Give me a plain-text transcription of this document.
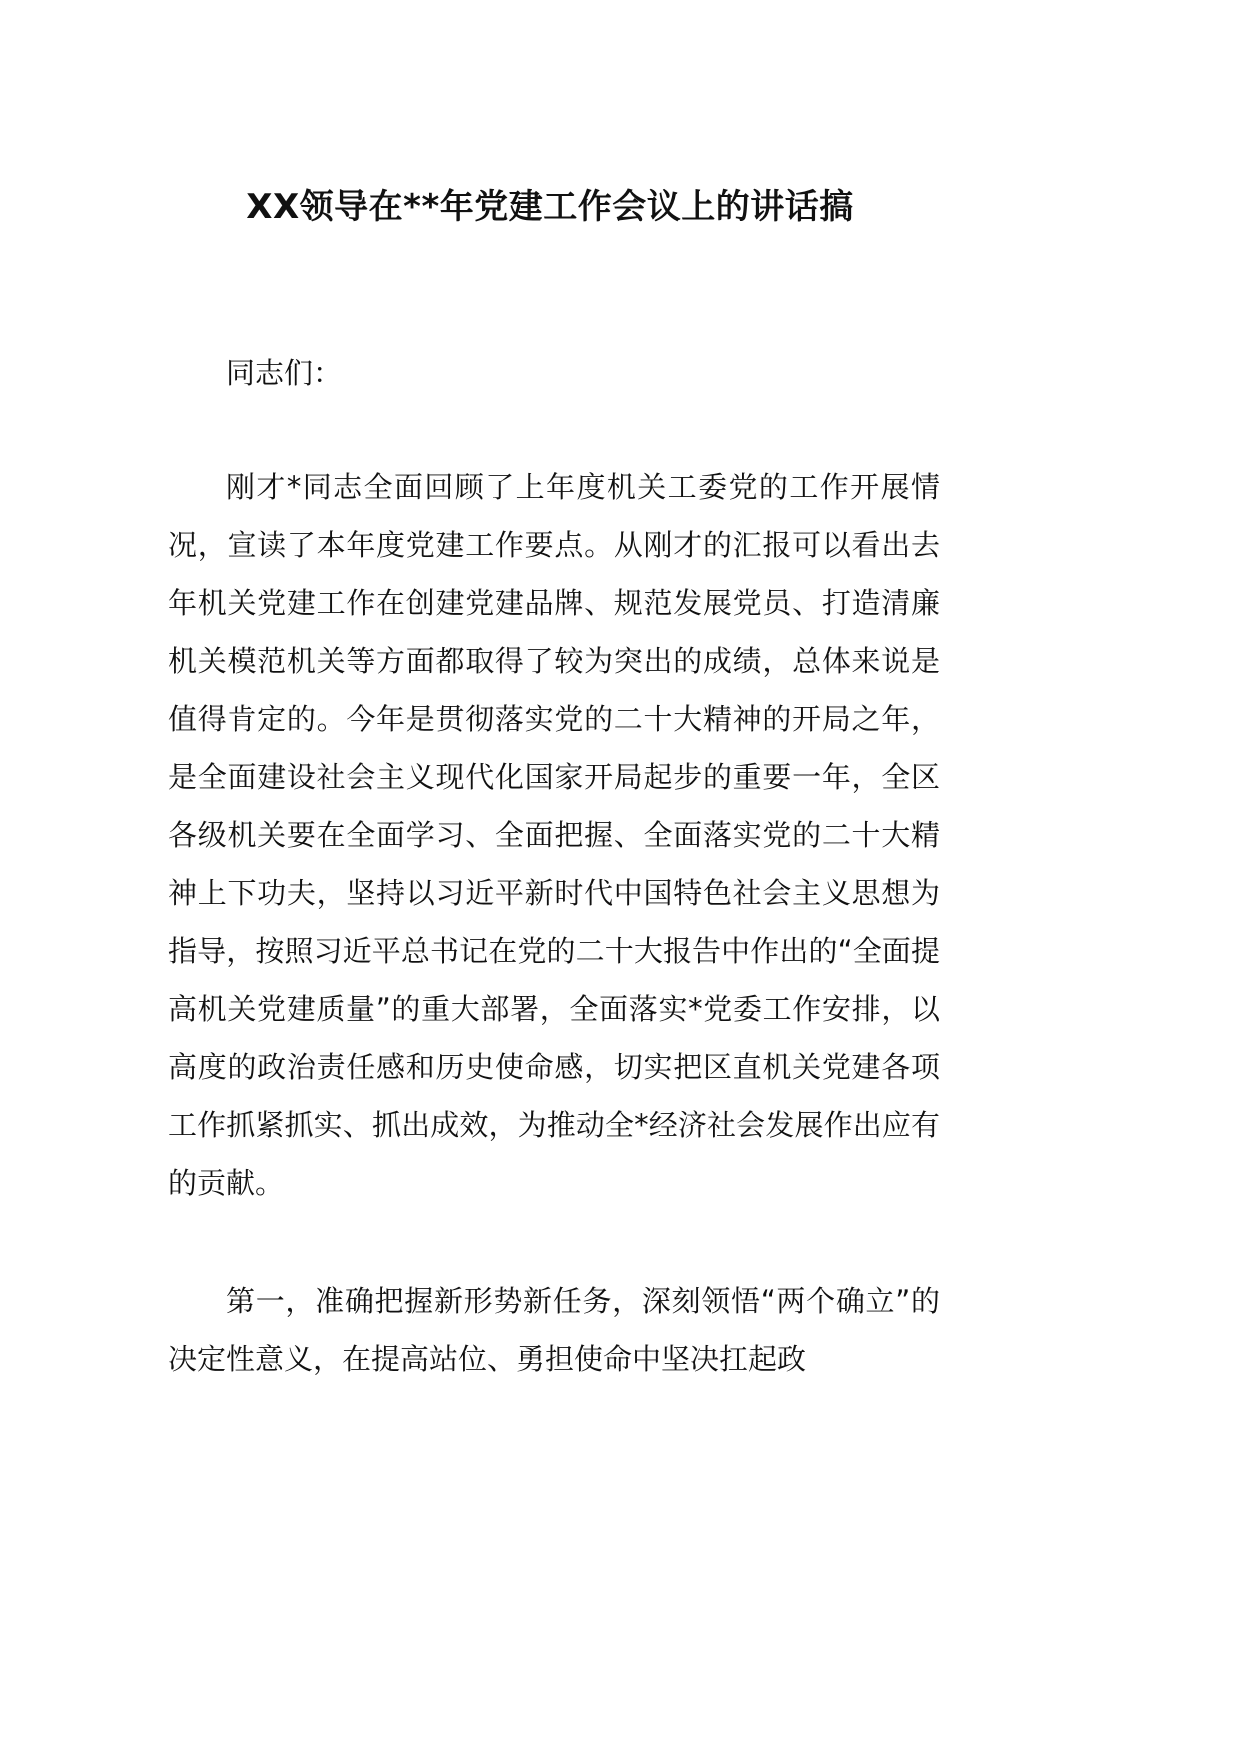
XX领导在**年党建工作会议上的讲话搞

同志们：

刚才*同志全面回顾了上年度机关工委党的工作开展情况，宣读了本年度党建工作要点。从刚才的汇报可以看出去年机关党建工作在创建党建品牌、规范发展党员、打造清廉机关模范机关等方面都取得了较为突出的成绩，总体来说是值得肯定的。今年是贯彻落实党的二十大精神的开局之年，是全面建设社会主义现代化国家开局起步的重要一年，全区各级机关要在全面学习、全面把握、全面落实党的二十大精神上下功夫，坚持以习近平新时代中国特色社会主义思想为指导，按照习近平总书记在党的二十大报告中作出的“全面提高机关党建质量”的重大部署，全面落实*党委工作安排，以高度的政治责任感和历史使命感，切实把区直机关党建各项工作抓紧抓实、抓出成效，为推动全*经济社会发展作出应有的贡献。

第一，准确把握新形势新任务，深刻领悟“两个确立”的决定性意义，在提高站位、勇担使命中坚决扛起政
